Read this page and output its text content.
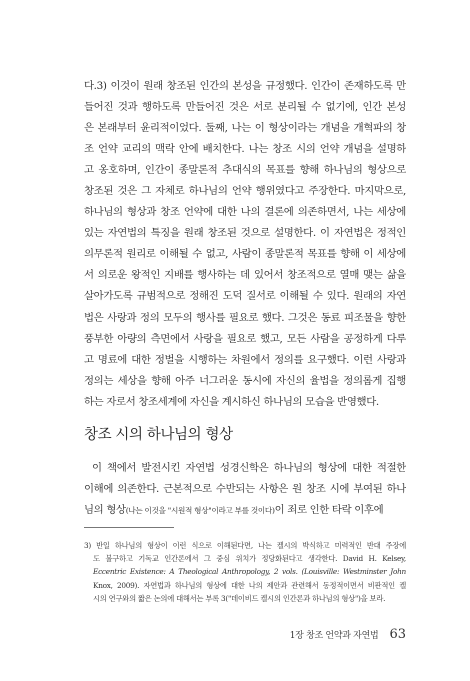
다.3) 이것이 원래 창조된 인간의 본성을 규정했다. 인간이 존재하도록 만
들어진 것과 행하도록 만들어진 것은 서로 분리될 수 없기에, 인간 본성
은 본래부터 윤리적이었다. 둘째, 나는 이 형상이라는 개념을 개혁파의 창
조 언약 교리의 맥락 안에 배치한다. 나는 창조 시의 언약 개념을 설명하
고 옹호하며, 인간이 종말론적 추대식의 목표를 향해 하나님의 형상으로
창조된 것은 그 자체로 하나님의 언약 행위였다고 주장한다. 마지막으로,
하나님의 형상과 창조 언약에 대한 나의 결론에 의존하면서, 나는 세상에
있는 자연법의 특징을 원래 창조된 것으로 설명한다. 이 자연법은 정적인
의무론적 원리로 이해될 수 없고, 사람이 종말론적 목표를 향해 이 세상에
서 의로운 왕적인 지배를 행사하는 데 있어서 창조적으로 열매 맺는 삶을
살아가도록 규범적으로 정해진 도덕 질서로 이해될 수 있다. 원래의 자연
법은 사랑과 정의 모두의 행사를 필요로 했다. 그것은 동료 피조물을 향한
풍부한 아량의 측면에서 사랑을 필요로 했고, 모든 사람을 공정하게 다루
고 명료에 대한 정벌을 시행하는 차원에서 정의를 요구했다. 이런 사랑과
정의는 세상을 향해 아주 너그러운 동시에 자신의 율법을 정의롭게 집행
하는 자로서 창조세계에 자신을 계시하신 하나님의 모습을 반영했다.
창조 시의 하나님의 형상
이 책에서 발전시킨 자연법 성경신학은 하나님의 형상에 대한 적절한
이해에 의존한다. 근본적으로 수반되는 사항은 원 창조 시에 부여된 하나
님의 형상(나는 이것을 "시원적 형상"이라고 부를 것이다)이 죄로 인한 타락 이후에
3) 반일 하나님의 형상이 이런 식으로 이해된다면, 나는 켈시의 박식하고 미력적인 반대 주장에
도 불구하고 기독교 인간론에서 그 중심 위치가 정당화된다고 생각한다. David H. Kelsey,
Eccentric Existence: A Theological Anthropology, 2 vols. (Louisville: Westminster John
Knox, 2009). 자연법과 하나님의 형상에 대한 나의 제안과 관련해서 동정적이면서 비판적인 켈
시의 연구와의 짧은 논의에 대해서는 부록 3("데이비드 켈시의 인간론과 하나님의 형상")을 보라.
1장 창조 언약과 자연법 63
